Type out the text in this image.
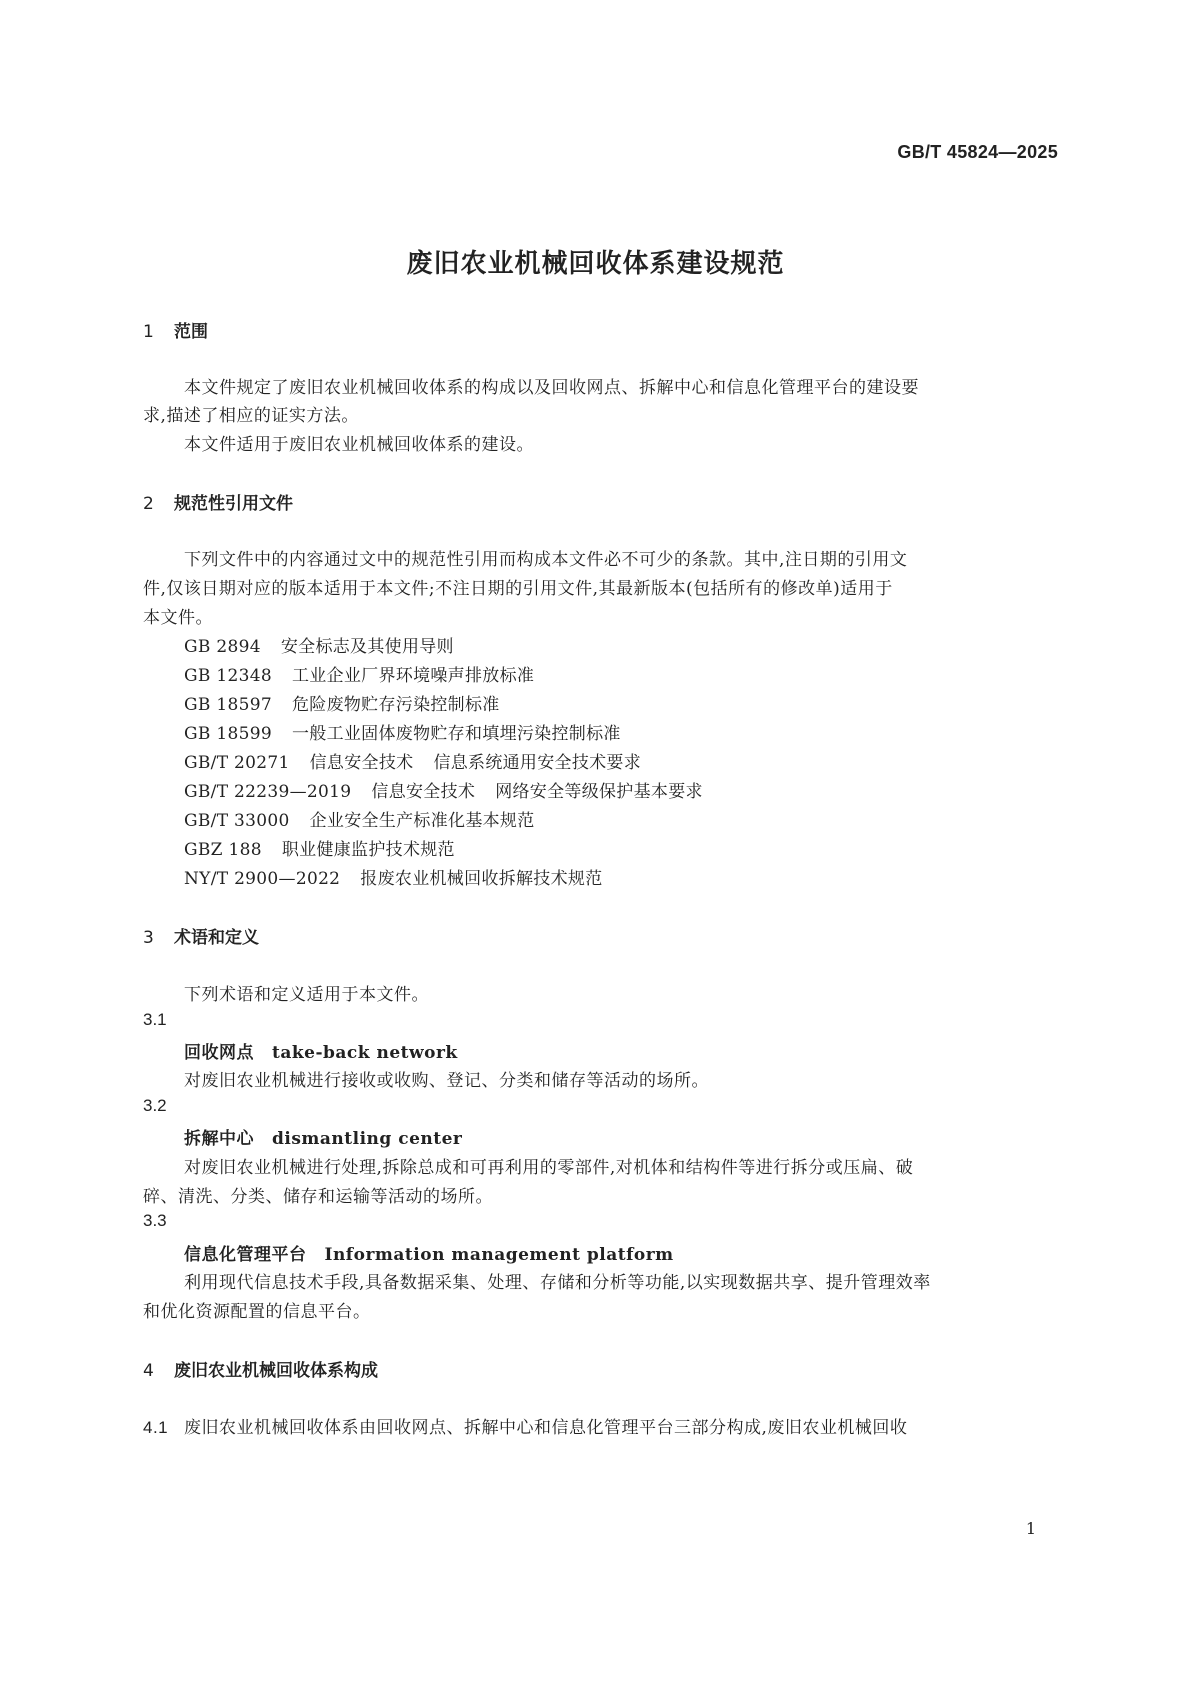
GB/T 45824—2025
废旧农业机械回收体系建设规范
1 范围
本文件规定了废旧农业机械回收体系的构成以及回收网点、拆解中心和信息化管理平台的建设要
求,描述了相应的证实方法。
本文件适用于废旧农业机械回收体系的建设。
2 规范性引用文件
下列文件中的内容通过文中的规范性引用而构成本文件必不可少的条款。其中,注日期的引用文
件,仅该日期对应的版本适用于本文件;不注日期的引用文件,其最新版本(包括所有的修改单)适用于
本文件。
GB 2894 安全标志及其使用导则
GB 12348 工业企业厂界环境噪声排放标准
GB 18597 危险废物贮存污染控制标准
GB 18599 一般工业固体废物贮存和填埋污染控制标准
GB/T 20271 信息安全技术 信息系统通用安全技术要求
GB/T 22239—2019 信息安全技术 网络安全等级保护基本要求
GB/T 33000 企业安全生产标准化基本规范
GBZ 188 职业健康监护技术规范
NY/T 2900—2022 报废农业机械回收拆解技术规范
3 术语和定义
下列术语和定义适用于本文件。
3.1
回收网点 take-back network
对废旧农业机械进行接收或收购、登记、分类和储存等活动的场所。
3.2
拆解中心 dismantling center
对废旧农业机械进行处理,拆除总成和可再利用的零部件,对机体和结构件等进行拆分或压扁、破
碎、清洗、分类、储存和运输等活动的场所。
3.3
信息化管理平台 Information management platform
利用现代信息技术手段,具备数据采集、处理、存储和分析等功能,以实现数据共享、提升管理效率
和优化资源配置的信息平台。
4 废旧农业机械回收体系构成
4.1 废旧农业机械回收体系由回收网点、拆解中心和信息化管理平台三部分构成,废旧农业机械回收
1
